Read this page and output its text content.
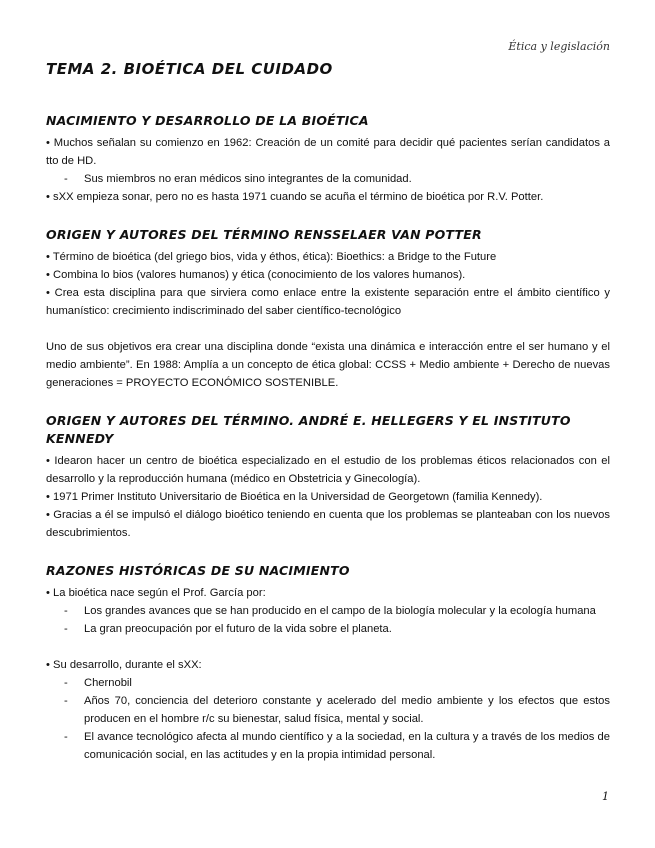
Ética y legislación
TEMA 2. BIOÉTICA DEL CUIDADO
NACIMIENTO Y DESARROLLO DE LA BIOÉTICA

• Muchos señalan su comienzo en 1962: Creación de un comité para decidir qué pacientes serían candidatos a tto de HD.

- Sus miembros no eran médicos sino integrantes de la comunidad.

• sXX empieza sonar, pero no es hasta 1971 cuando se acuña el término de bioética por R.V. Potter.

ORIGEN Y AUTORES DEL TÉRMINO RENSSELAER VAN POTTER

• Término de bioética (del griego bios, vida y éthos, ética): Bioethics: a Bridge to the Future

• Combina lo bios (valores humanos) y ética (conocimiento de los valores humanos).

• Crea esta disciplina para que sirviera como enlace entre la existente separación entre el ámbito científico y humanístico: crecimiento indiscriminado del saber científico-tecnológico

Uno de sus objetivos era crear una disciplina donde “exista una dinámica e interacción entre el ser humano y el medio ambiente”. En 1988: Amplía a un concepto de ética global: CCSS + Medio ambiente + Derecho de nuevas generaciones = PROYECTO ECONÓMICO SOSTENIBLE.

ORIGEN Y AUTORES DEL TÉRMINO. ANDRÉ E. HELLEGERS Y EL INSTITUTO KENNEDY

• Idearon hacer un centro de bioética especializado en el estudio de los problemas éticos relacionados con el desarrollo y la reproducción humana (médico en Obstetricia y Ginecología).

• 1971 Primer Instituto Universitario de Bioética en la Universidad de Georgetown (familia Kennedy).

• Gracias a él se impulsó el diálogo bioético teniendo en cuenta que los problemas se planteaban con los nuevos descubrimientos.

RAZONES HISTÓRICAS DE SU NACIMIENTO

• La bioética nace según el Prof. García por:

- Los grandes avances que se han producido en el campo de la biología molecular y la ecología humana

- La gran preocupación por el futuro de la vida sobre el planeta.

• Su desarrollo, durante el sXX:

- Chernobil

- Años 70, conciencia del deterioro constante y acelerado del medio ambiente y los efectos que estos producen en el hombre r/c su bienestar, salud física, mental y social.

- El avance tecnológico afecta al mundo científico y a la sociedad, en la cultura y a través de los medios de comunicación social, en las actitudes y en la propia intimidad personal.

1
